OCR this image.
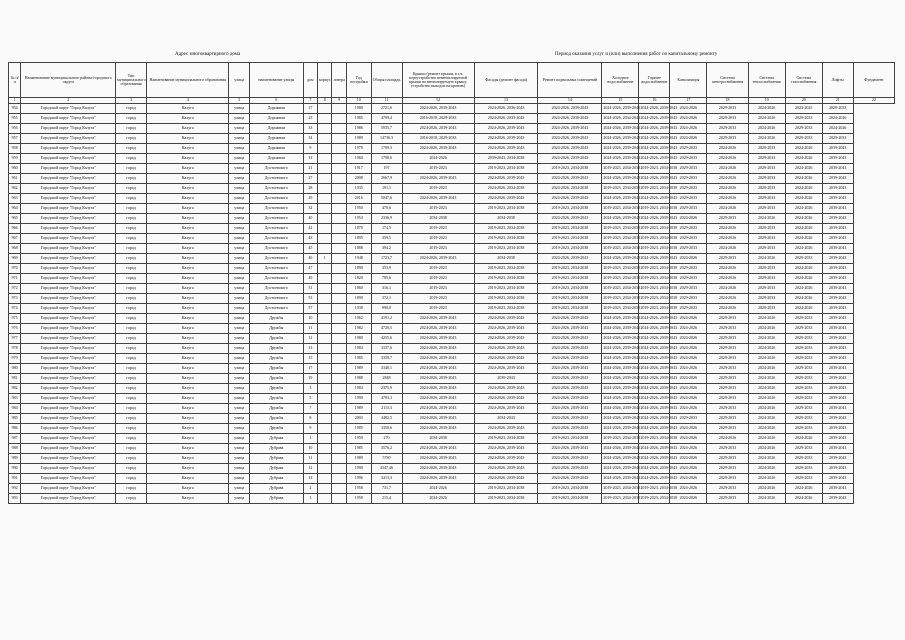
Адрес многоквартирного дома	Период оказания услуг и (или) выполнения работ по капитальному ремонту
№ п/п	Наименование муниципального района/городского округа	Тип муниципального образования	Наименование муниципального образования	улица	наименование улицы	дом	корпус	литера	Год постройки	Общая площадь	Крыши (ремонт крыши, в т.ч. переустройство невентилируемой крыши на вентилируемую крышу, устройство выходов на кровлю)	Фасады (ремонт фасада)	Ремонт подвальных помещений	Холодное водоснабжение	Горячее водоснабжение	Канализация	Система электроснабжения	Система теплоснабжения	Система газоснабжения	Лифты	Фундамент
1	2	3	4	5	6	7	8	9	10	11	12	13	14	15	16	17	18	19	20	21	22
954	Городской округ "Город Калуга"	город	Калуга	улица	Дорожная	17			1980	2721,6	2024-2026, 2039-2043	2024-2026, 2036-2043	2024-2026, 2039-2043	2024-2026, 2039-2043	2024-2026, 2039-2043	2024-2026	2029-2033	2024-2026	2023-2025	2029-2033	
955	Городской округ "Город Калуга"	город	Калуга	улица	Дорожная	25			1985	4709,4	2016-2018, 2029-2033	2024-2026, 2033-2043	2024-2026, 2030-2043	2024-2026, 2034-2043	2024-2026, 2039-2043	2024-2026	2029-2033	2024-2026	2029-2033	2024-2026	
956	Городской округ "Город Калуга"	город	Калуга	улица	Дорожная	33			1986	5935,7	2024-2026, 2039-2043	2024-2026, 2039-2043	2024-2026, 2039-2043	2024-2026, 2039-2043	2024-2026, 2039-2043	2024-2026	2029-2033	2024-2026	2029-2033	2024-2026	
957	Городской округ "Город Калуга"	город	Калуга	улица	Дорожная	34			1989	14736,3	2016-2018, 2029-2033	2024-2026, 2039-2043	2024-2026, 2039-2043	2024-2026, 2039-2043	2024-2026, 2039-2043	2024-2026	2029-2033	2024-2026	2029-2033	2029-2033	
958	Городской округ "Город Калуга"	город	Калуга	улица	Дорожная	9			1978	1709,3	2024-2026, 2039-2043	2024-2026, 2039-2043	2024-2026, 2039-2043	2024-2026, 2039-2043	2024-2026, 2039-2043	2029-2033	2024-2026	2029-2033	2024-2026	2039-2043	
959	Городской округ "Город Калуга"	город	Калуга	улица	Дорожная	11			1960	1790,6	2024-2026	2039-2043, 2034-2038	2024-2026, 2039-2043	2024-2026, 2039-2043	2024-2026, 2039-2043	2029-2033	2024-2026	2029-2033	2024-2026	2039-2043	
960	Городской округ "Город Калуга"	город	Калуга	улица	Достоевского	21			1917	197	2019-2023	2019-2023, 2034-2038	2019-2023, 2034-2038	2019-2023, 2034-2038	2019-2023, 2034-2038	2029-2033	2024-2026	2029-2033	2024-2026	2039-2043	
961	Городской округ "Город Калуга"	город	Калуга	улица	Достоевского	27			2008	2667,9	2024-2026, 2039-2043	2024-2026, 2039-2043	2024-2026, 2039-2043	2024-2026, 2039-2043	2024-2026, 2039-2043	2029-2033	2024-2026	2029-2033	2024-2026	2039-2043	
962	Городской округ "Город Калуга"	город	Калуга	улица	Достоевского	28			1935	191,1	2019-2023	2024-2026, 2034-2038	2024-2026, 2034-2038	2019-2023, 2034-2038	2019-2023, 2034-2038	2029-2033	2024-2026	2029-2033	2024-2026	2039-2043	
963	Городской округ "Город Калуга"	город	Калуга	улица	Достоевского	29			2016	5047,6	2024-2026, 2039-2043	2024-2026, 2039-2043	2024-2026, 2039-2043	2024-2026, 2039-2043	2024-2026, 2039-2043	2029-2033	2024-2026	2029-2033	2024-2026	2039-2043	
964	Городской округ "Город Калуга"	город	Калуга	улица	Достоевского	32			1950	470,6	2019-2023	2019-2023, 2034-2038	2019-2023, 2034-2038	2019-2023, 2034-2038	2019-2023, 2034-2038	2029-2033	2024-2026	2029-2033	2024-2026	2039-2043	
965	Городской округ "Город Калуга"	город	Калуга	улица	Достоевского	40			1954	2336,9	2034-2038	2034-2038	2024-2026, 2039-2043	2024-2026, 2039-2043	2024-2026, 2039-2043	2024-2026	2029-2033	2024-2026	2024-2026	2039-2043	
966	Городской округ "Город Калуга"	город	Калуга	улица	Достоевского	42			1870	174,5	2019-2023	2019-2023, 2034-2038	2019-2023, 2034-2038	2019-2023, 2034-2038	2019-2023, 2034-2038	2029-2033	2024-2026	2029-2033	2024-2026	2039-2043	
967	Городской округ "Город Калуга"	город	Калуга	улица	Достоевского	43			1895	359,5	2019-2023	2019-2023, 2034-2038	2019-2023, 2034-2038	2019-2023, 2034-2038	2019-2023, 2034-2038	2029-2033	2024-2026	2029-2033	2024-2026	2039-2043	
968	Городской округ "Город Калуга"	город	Калуга	улица	Достоевского	45			1888	394,2	2019-2023	2019-2023, 2034-2038	2019-2023, 2034-2038	2019-2023, 2034-2038	2019-2023, 2034-2038	2029-2033	2024-2026	2029-2033	2024-2026	2039-2043	
969	Городской округ "Город Калуга"	город	Калуга	улица	Достоевского	46	1		1948	1723,7	2024-2026, 2039-2043	2034-2038	2024-2026, 2039-2043	2024-2026, 2039-2043	2024-2026, 2039-2043	2024-2026	2029-2033	2024-2026	2029-2033	2039-2043	
970	Городской округ "Город Калуга"	город	Калуга	улица	Достоевского	47			1890	353,9	2019-2023	2019-2023, 2034-2038	2019-2023, 2034-2038	2019-2023, 2034-2038	2019-2023, 2034-2038	2029-2033	2024-2026	2029-2033	2024-2026	2039-2043	
971	Городской округ "Город Калуга"	город	Калуга	улица	Достоевского	49			1820	785,6	2019-2023	2019-2023, 2034-2038	2019-2023, 2034-2038	2019-2023, 2034-2038	2019-2023, 2034-2038	2029-2033	2024-2026	2029-2033	2024-2026	2039-2043	
972	Городской округ "Город Калуга"	город	Калуга	улица	Достоевского	51			1860	316,1	2019-2023	2019-2023, 2034-2038	2019-2023, 2034-2038	2019-2023, 2034-2038	2019-2023, 2034-2038	2029-2033	2024-2026	2029-2033	2024-2026	2039-2043	
973	Городской округ "Город Калуга"	город	Калуга	улица	Достоевского	53			1890	372,1	2019-2023	2019-2023, 2034-2038	2019-2023, 2034-2038	2019-2023, 2034-2038	2019-2023, 2034-2038	2029-2033	2024-2026	2029-2033	2024-2026	2039-2043	
974	Городской округ "Город Калуга"	город	Калуга	улица	Достоевского	57			1938	998,8	2019-2023	2019-2023, 2034-2038	2019-2023, 2034-2038	2019-2023, 2034-2038	2019-2023, 2034-2038	2029-2033	2024-2026	2029-2033	2024-2026	2039-2043	
975	Городской округ "Город Калуга"	город	Калуга	улица	Дружбы	10			1962	4191,2	2024-2026, 2039-2043	2024-2026, 2039-2043	2024-2026, 2039-2043	2024-2026, 2039-2043	2024-2026, 2039-2043	2024-2026	2029-2033	2024-2026	2029-2033	2039-2043	
976	Городской округ "Город Калуга"	город	Калуга	улица	Дружбы	11			1982	4720,5	2024-2026, 2039-2043	2024-2026, 2039-2043	2024-2026, 2039-2043	2024-2026, 2039-2043	2024-2026, 2039-2043	2024-2026	2029-2033	2024-2026	2029-2033	2039-2043	
977	Городской округ "Город Калуга"	город	Калуга	улица	Дружбы	12			1980	4255,6	2024-2026, 2039-2043	2024-2026, 2039-2043	2024-2026, 2039-2043	2024-2026, 2039-2043	2024-2026, 2039-2043	2024-2026	2029-2033	2024-2026	2029-2033	2039-2043	
978	Городской округ "Город Калуга"	город	Калуга	улица	Дружбы	13			1984	3337,6	2024-2026, 2039-2043	2024-2026, 2039-2043	2024-2026, 2039-2043	2024-2026, 2039-2043	2024-2026, 2039-2043	2024-2026	2029-2033	2024-2026	2029-2033	2039-2043	
979	Городской округ "Город Калуга"	город	Калуга	улица	Дружбы	15			1985	3358,7	2024-2026, 2039-2043	2024-2026, 2039-2043	2024-2026, 2039-2043	2024-2026, 2039-2043	2024-2026, 2039-2043	2024-2026	2029-2033	2024-2026	2029-2033	2039-2043	
980	Городской округ "Город Калуга"	город	Калуга	улица	Дружбы	17			1989	3348,1	2024-2026, 2039-2043	2024-2026, 2039-2043	2024-2026, 2039-2043	2024-2026, 2039-2043	2024-2026, 2039-2043	2024-2026	2029-2033	2024-2026	2029-2033	2039-2043	
981	Городской округ "Город Калуга"	город	Калуга	улица	Дружбы	19			1988	2848	2024-2026, 2039-2043	2039-2043	2024-2026, 2039-2043	2024-2026, 2039-2043	2024-2026, 2039-2043	2024-2026	2029-2033	2024-2026	2029-2033	2039-2043	
982	Городской округ "Город Калуга"	город	Калуга	улица	Дружбы	3			1984	2375,9	2024-2026, 2039-2043	2024-2026, 2039-2043	2024-2026, 2039-2043	2024-2026, 2039-2043	2024-2026, 2039-2043	2024-2026	2029-2033	2024-2026	2029-2033	2039-2043	
983	Городской округ "Город Калуга"	город	Калуга	улица	Дружбы	5			1990	4783,3	2024-2026, 2039-2043	2024-2026, 2039-2043	2024-2026, 2039-2043	2024-2026, 2039-2043	2024-2026, 2039-2043	2024-2026	2029-2033	2024-2026	2029-2033	2039-2043	
984	Городской округ "Город Калуга"	город	Калуга	улица	Дружбы	7			1989	2115,3	2024-2026, 2039-2043	2024-2026, 2039-2043	2024-2026, 2039-2043	2024-2026, 2039-2043	2024-2026, 2039-2043	2024-2026	2029-2033	2024-2026	2029-2033	2039-2043	
985	Городской округ "Город Калуга"	город	Калуга	улица	Дружбы	8			2003	4482,5	2024-2026, 2039-2043	2034-2043	2024-2026, 2039-2043	2024-2026, 2039-2043	2024-2026, 2039-2043	2029-2033	2029-2033	2024-2026	2029-2033	2039-2043	
986	Городской округ "Город Калуга"	город	Калуга	улица	Дружбы	9			1985	3350,6	2024-2026, 2039-2043	2024-2026, 2039-2043	2024-2026, 2039-2043	2024-2026, 2039-2043	2024-2026, 2039-2043	2024-2026	2029-2033	2024-2026	2029-2033	2039-2043	
987	Городской округ "Город Калуга"	город	Калуга	улица	Дубрава	1			1959	270	2034-2038	2019-2023, 2034-2038	2019-2023, 2034-2038	2019-2023, 2034-2038	2019-2023, 2034-2038	2024-2026	2024-2026	2024-2026	2024-2026	2039-2043	
988	Городской округ "Город Калуга"	город	Калуга	улица	Дубрава	10			1985	3576,2	2024-2026, 2039-2043	2024-2026, 2039-2043	2024-2026, 2039-2043	2024-2026, 2039-2043	2024-2026, 2039-2043	2024-2026	2029-2033	2024-2026	2029-2033	2039-2043	
989	Городской округ "Город Калуга"	город	Калуга	улица	Дубрава	11			1989	5730	2024-2026, 2039-2043	2024-2026, 2039-2043	2024-2026, 2039-2043	2024-2026, 2039-2043	2024-2026, 2039-2043	2024-2026	2029-2033	2024-2026	2029-2033	2039-2043	
990	Городской округ "Город Калуга"	город	Калуга	улица	Дубрава	12			1990	4347,46	2024-2026, 2039-2043	2024-2026, 2039-2043	2024-2026, 2039-2043	2024-2026, 2039-2043	2024-2026, 2039-2043	2024-2026	2029-2033	2024-2026	2029-2033	2039-2043	
991	Городской округ "Город Калуга"	город	Калуга	улица	Дубрава	13			1996	3413,3	2024-2026, 2039-2043	2024-2026, 2039-2043	2024-2026, 2039-2043	2024-2026, 2039-2043	2024-2026, 2039-2043	2024-2026	2029-2033	2024-2026	2029-2033	2039-2043	
992	Городской округ "Город Калуга"	город	Калуга	улица	Дубрава	2			1958	731,7	2024-2026	2019-2023, 2034-2038	2019-2023, 2034-2038	2019-2023, 2034-2038	2019-2023, 2034-2038	2024-2026	2029-2033	2024-2026	2024-2026	2039-2043	
993	Городской округ "Город Калуга"	город	Калуга	улица	Дубрава	3			1958	215,4	2024-2026	2019-2023, 2034-2038	2019-2023, 2034-2038	2019-2023, 2034-2038	2019-2023, 2034-2038	2024-2026	2029-2033	2024-2026	2024-2026	2039-2043	
